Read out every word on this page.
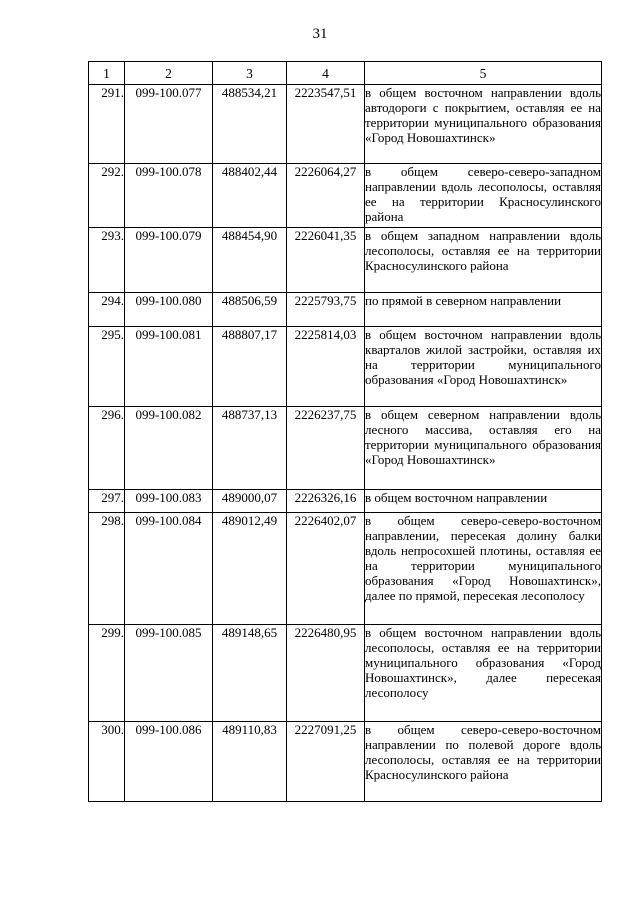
31
1	2	3	4	5
291.	099-100.077	488534,21	2223547,51	в общем восточном направлении вдоль автодороги с покрытием, оставляя ее на территории муниципального образования «Город Новошахтинск»
292.	099-100.078	488402,44	2226064,27	в общем северо-северо-западном направлении вдоль лесополосы, оставляя ее на территории Красносулинского района
293.	099-100.079	488454,90	2226041,35	в общем западном направлении вдоль лесополосы, оставляя ее на территории Красносулинского района
294.	099-100.080	488506,59	2225793,75	по прямой в северном направлении
295.	099-100.081	488807,17	2225814,03	в общем восточном направлении вдоль кварталов жилой застройки, оставляя их на территории муниципального образования «Город Новошахтинск»
296.	099-100.082	488737,13	2226237,75	в общем северном направлении вдоль лесного массива, оставляя его на территории муниципального образования «Город Новошахтинск»
297.	099-100.083	489000,07	2226326,16	в общем восточном направлении
298.	099-100.084	489012,49	2226402,07	в общем северо-северо-восточном направлении, пересекая долину балки вдоль непросохшей плотины, оставляя ее на территории муниципального образования «Город Новошахтинск», далее по прямой, пересекая лесополосу
299.	099-100.085	489148,65	2226480,95	в общем восточном направлении вдоль лесополосы, оставляя ее на территории муниципального образования «Город Новошахтинск», далее пересекая лесополосу
300.	099-100.086	489110,83	2227091,25	в общем северо-северо-восточном направлении по полевой дороге вдоль лесополосы, оставляя ее на территории Красносулинского района
